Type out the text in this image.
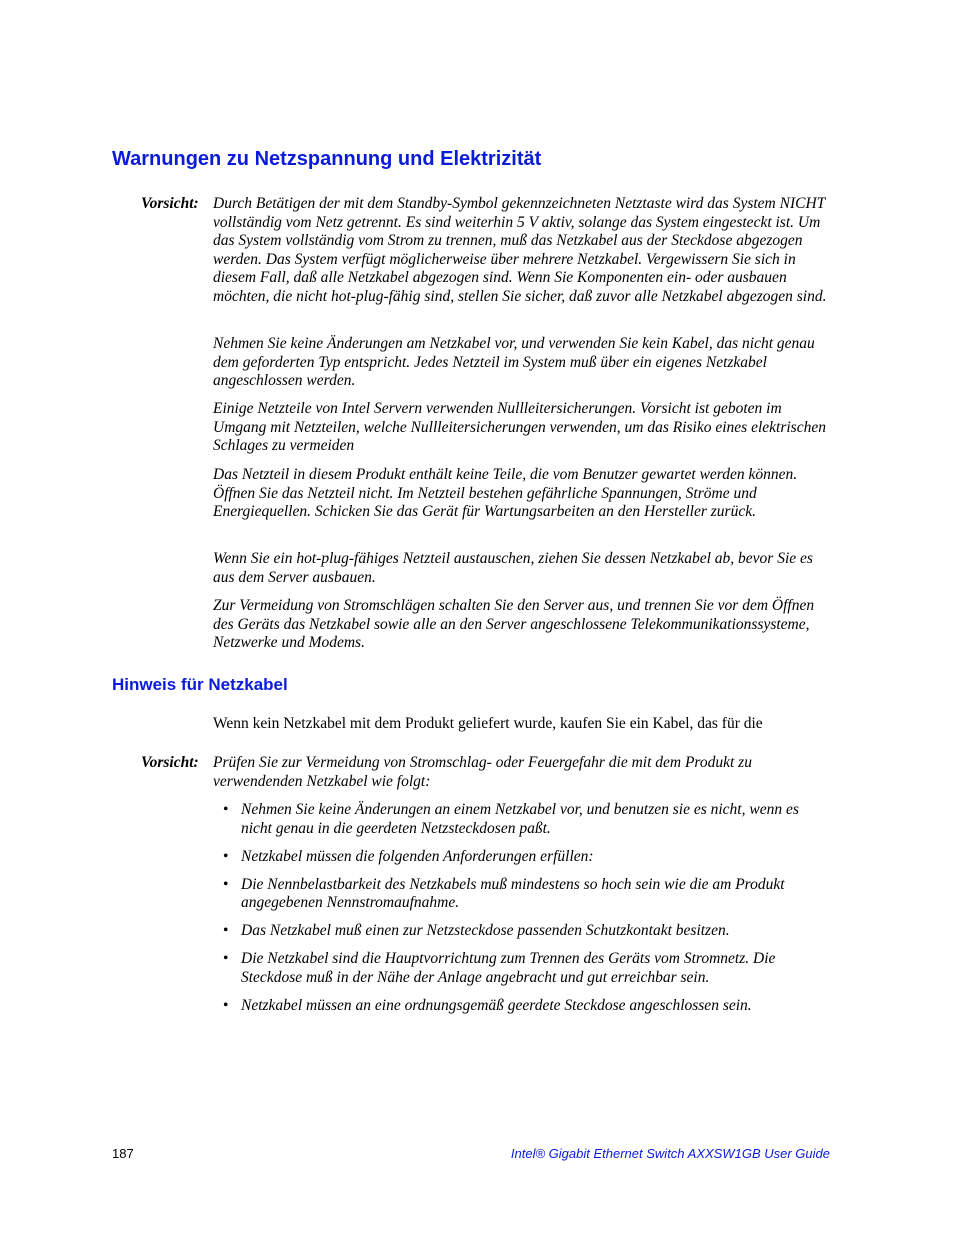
Warnungen zu Netzspannung und Elektrizität
Vorsicht: Durch Betätigen der mit dem Standby-Symbol gekennzeichneten Netztaste wird das System NICHT vollständig vom Netz getrennt. Es sind weiterhin 5 V aktiv, solange das System eingesteckt ist. Um das System vollständig vom Strom zu trennen, muß das Netzkabel aus der Steckdose abgezogen werden. Das System verfügt möglicherweise über mehrere Netzkabel. Vergewissern Sie sich in diesem Fall, daß alle Netzkabel abgezogen sind. Wenn Sie Komponenten ein- oder ausbauen möchten, die nicht hot-plug-fähig sind, stellen Sie sicher, daß zuvor alle Netzkabel abgezogen sind.

Nehmen Sie keine Änderungen am Netzkabel vor, und verwenden Sie kein Kabel, das nicht genau dem geforderten Typ entspricht. Jedes Netzteil im System muß über ein eigenes Netzkabel angeschlossen werden.

Einige Netzteile von Intel Servern verwenden Nullleitersicherungen. Vorsicht ist geboten im Umgang mit Netzteilen, welche Nullleitersicherungen verwenden, um das Risiko eines elektrischen Schlages zu vermeiden

Das Netzteil in diesem Produkt enthält keine Teile, die vom Benutzer gewartet werden können. Öffnen Sie das Netzteil nicht. Im Netzteil bestehen gefährliche Spannungen, Ströme und Energiequellen. Schicken Sie das Gerät für Wartungsarbeiten an den Hersteller zurück.

Wenn Sie ein hot-plug-fähiges Netzteil austauschen, ziehen Sie dessen Netzkabel ab, bevor Sie es aus dem Server ausbauen.

Zur Vermeidung von Stromschlägen schalten Sie den Server aus, und trennen Sie vor dem Öffnen des Geräts das Netzkabel sowie alle an den Server angeschlossene Telekommunikationssysteme, Netzwerke und Modems.

Hinweis für Netzkabel

Wenn kein Netzkabel mit dem Produkt geliefert wurde, kaufen Sie ein Kabel, das für die

Vorsicht: Prüfen Sie zur Vermeidung von Stromschlag- oder Feuergefahr die mit dem Produkt zu verwendenden Netzkabel wie folgt:

• Nehmen Sie keine Änderungen an einem Netzkabel vor, und benutzen sie es nicht, wenn es nicht genau in die geerdeten Netzsteckdosen paßt.
• Netzkabel müssen die folgenden Anforderungen erfüllen:
• Die Nennbelastbarkeit des Netzkabels muß mindestens so hoch sein wie die am Produkt angegebenen Nennstromaufnahme.
• Das Netzkabel muß einen zur Netzsteckdose passenden Schutzkontakt besitzen.
• Die Netzkabel sind die Hauptvorrichtung zum Trennen des Geräts vom Stromnetz. Die Steckdose muß in der Nähe der Anlage angebracht und gut erreichbar sein.
• Netzkabel müssen an eine ordnungsgemäß geerdete Steckdose angeschlossen sein.
187	Intel® Gigabit Ethernet Switch AXXSW1GB User Guide
